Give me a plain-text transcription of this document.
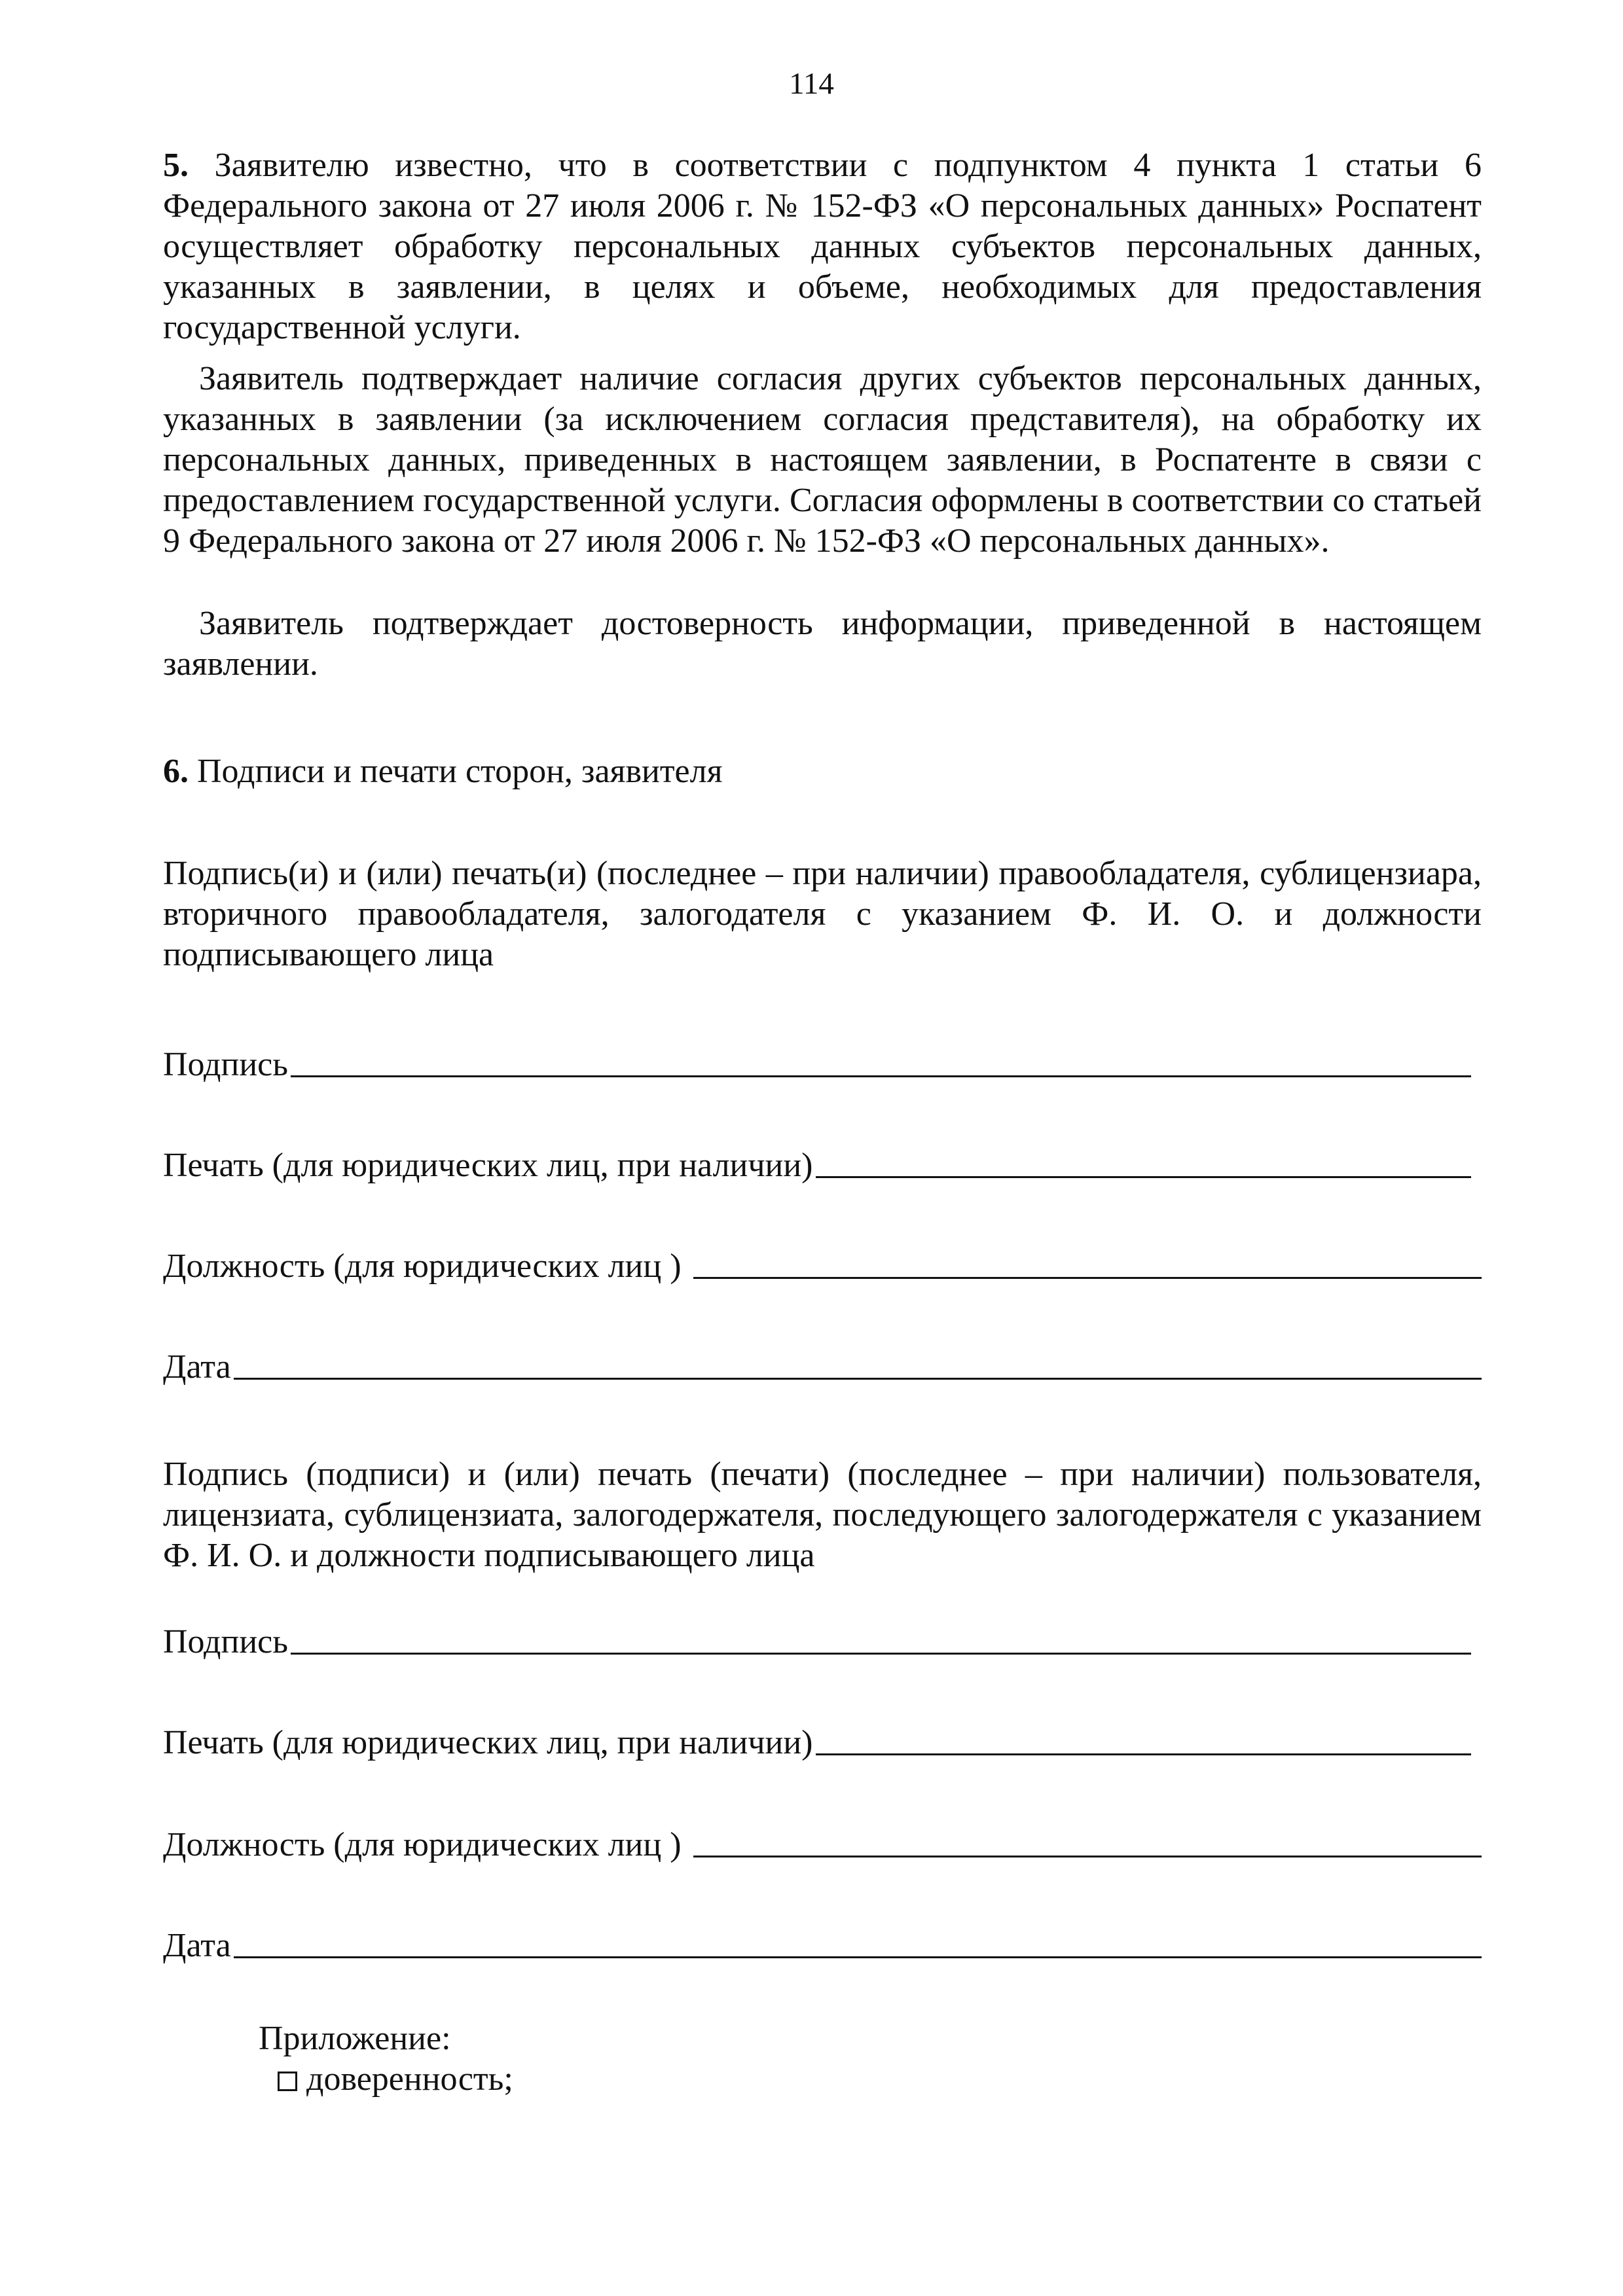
114

5. Заявителю известно, что в соответствии с подпунктом 4 пункта 1 статьи 6 Федерального закона от 27 июля 2006 г. № 152-ФЗ «О персональных данных» Роспатент осуществляет обработку персональных данных субъектов персональных данных, указанных в заявлении, в целях и объеме, необходимых для предоставления государственной услуги.

Заявитель подтверждает наличие согласия других субъектов персональных данных, указанных в заявлении (за исключением согласия представителя), на обработку их персональных данных, приведенных в настоящем заявлении, в Роспатенте в связи с предоставлением государственной услуги. Согласия оформлены в соответствии со статьей 9 Федерального закона от 27 июля 2006 г. № 152-ФЗ «О персональных данных».

Заявитель подтверждает достоверность информации, приведенной в настоящем заявлении.

6. Подписи и печати сторон, заявителя

Подпись(и) и (или) печать(и) (последнее – при наличии) правообладателя, сублицензиара, вторичного правообладателя, залогодателя с указанием Ф. И. О. и должности подписывающего лица

Подпись
Печать (для юридических лиц, при наличии)
Должность (для юридических лиц )
Дата

Подпись (подписи) и (или) печать (печати) (последнее – при наличии) пользователя, лицензиата, сублицензиата, залогодержателя, последующего залогодержателя с указанием Ф. И. О. и должности подписывающего лица

Подпись
Печать (для юридических лиц, при наличии)
Должность (для юридических лиц )
Дата
Приложение:
доверенность;
